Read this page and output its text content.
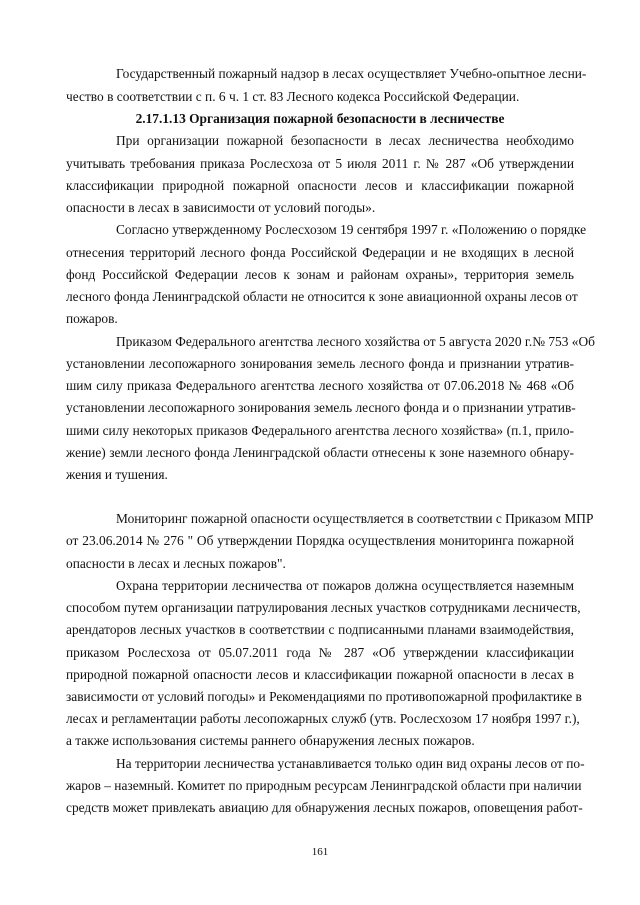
Государственный пожарный надзор в лесах осуществляет Учебно-опытное лесни-
чество в соответствии с п. 6 ч. 1 ст. 83 Лесного кодекса Российской Федерации.
2.17.1.13 Организация пожарной безопасности в лесничестве
При организации пожарной безопасности в лесах лесничества необходимо
учитывать требования приказа Рослесхоза от 5 июля 2011 г. № 287 «Об утверждении
классификации природной пожарной опасности лесов и классификации пожарной
опасности в лесах в зависимости от условий погоды».
Согласно утвержденному Рослесхозом 19 сентября 1997 г. «Положению о порядке
отнесения территорий лесного фонда Российской Федерации и не входящих в лесной
фонд Российской Федерации лесов к зонам и районам охраны», территория земель
лесного фонда Ленинградской области не относится к зоне авиационной охраны лесов от
пожаров.
Приказом Федерального агентства лесного хозяйства от 5 августа 2020 г.№ 753 «Об
установлении лесопожарного зонирования земель лесного фонда и признании утратив-
шим силу приказа Федерального агентства лесного хозяйства от 07.06.2018 № 468 «Об
установлении лесопожарного зонирования земель лесного фонда и о признании утратив-
шими силу некоторых приказов Федерального агентства лесного хозяйства» (п.1, прило-
жение) земли лесного фонда Ленинградской области отнесены к зоне наземного обнару-
жения и тушения.
Мониторинг пожарной опасности осуществляется в соответствии с Приказом МПР
от 23.06.2014 № 276 " Об утверждении Порядка осуществления мониторинга пожарной
опасности в лесах и лесных пожаров".
Охрана территории лесничества от пожаров должна осуществляется наземным
способом путем организации патрулирования лесных участков сотрудниками лесничеств,
арендаторов лесных участков в соответствии с подписанными планами взаимодействия,
приказом Рослесхоза от 05.07.2011 года № 287 «Об утверждении классификации
природной пожарной опасности лесов и классификации пожарной опасности в лесах в
зависимости от условий погоды» и Рекомендациями по противопожарной профилактике в
лесах и регламентации работы лесопожарных служб (утв. Рослесхозом 17 ноября 1997 г.),
а также использования системы раннего обнаружения лесных пожаров.
На территории лесничества устанавливается только один вид охраны лесов от по-
жаров – наземный. Комитет по природным ресурсам Ленинградской области при наличии
средств может привлекать авиацию для обнаружения лесных пожаров, оповещения работ-
161
